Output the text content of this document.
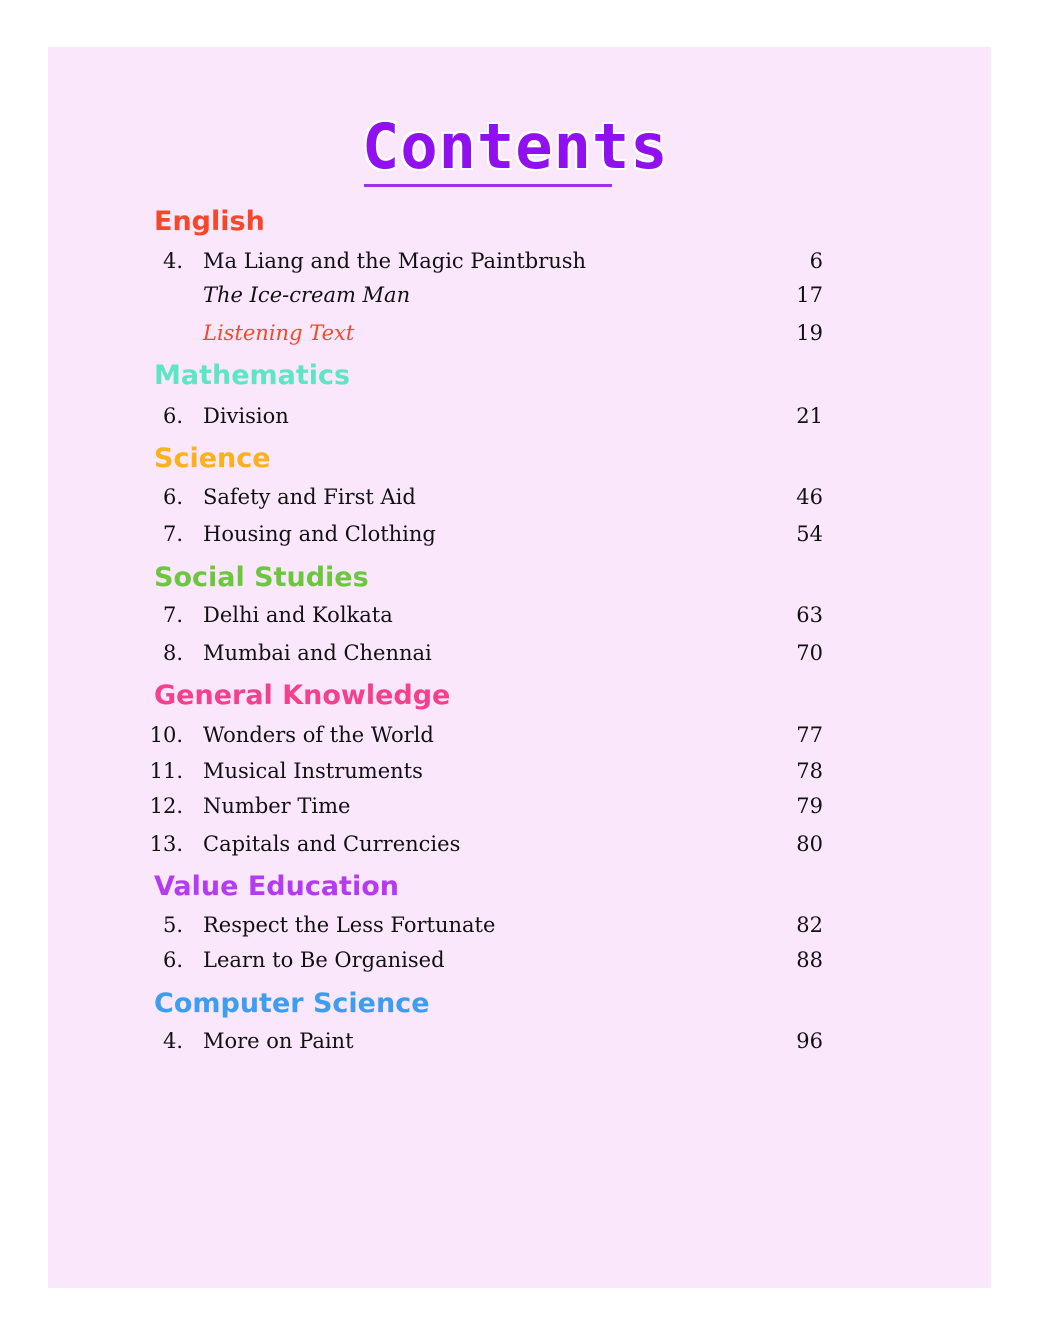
Contents
English
4. Ma Liang and the Magic Paintbrush	6
The Ice-cream Man	17
Listening Text	19
Mathematics
6. Division	21
Science
6. Safety and First Aid	46
7. Housing and Clothing	54
Social Studies
7. Delhi and Kolkata	63
8. Mumbai and Chennai	70
General Knowledge
10. Wonders of the World	77
11. Musical Instruments	78
12. Number Time	79
13. Capitals and Currencies	80
Value Education
5. Respect the Less Fortunate	82
6. Learn to Be Organised	88
Computer Science
4. More on Paint	96
